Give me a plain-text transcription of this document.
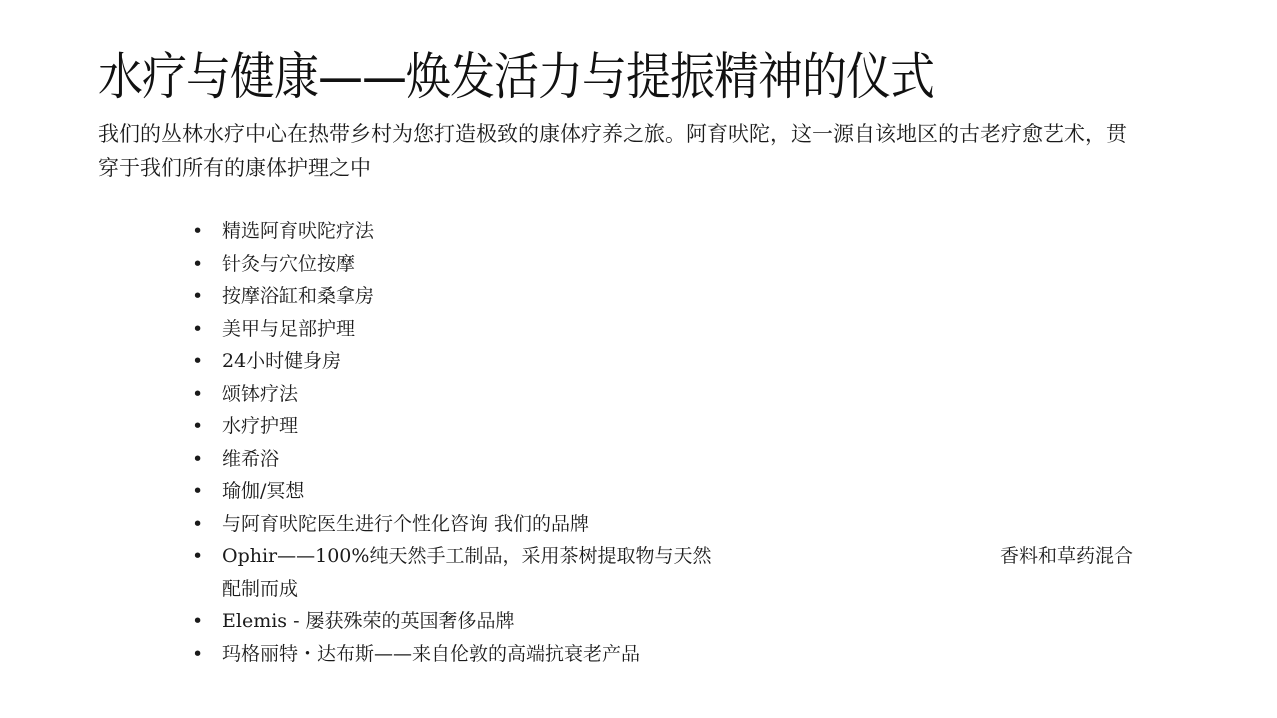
水疗与健康——焕发活力与提振精神的仪式

我们的丛林水疗中心在热带乡村为您打造极致的康体疗养之旅。阿育吠陀，这一源自该地区的古老疗愈艺术，贯穿于我们所有的康体护理之中

• 精选阿育吠陀疗法
• 针灸与穴位按摩
• 按摩浴缸和桑拿房
• 美甲与足部护理
• 24小时健身房
• 颂钵疗法
• 水疗护理
• 维希浴
• 瑜伽/冥想
• 与阿育吠陀医生进行个性化咨询 我们的品牌
• Ophir——100%纯天然手工制品，采用茶树提取物与天然	香料和草药混合
配制而成
• Elemis - 屡获殊荣的英国奢侈品牌
• 玛格丽特・达布斯——来自伦敦的高端抗衰老产品
